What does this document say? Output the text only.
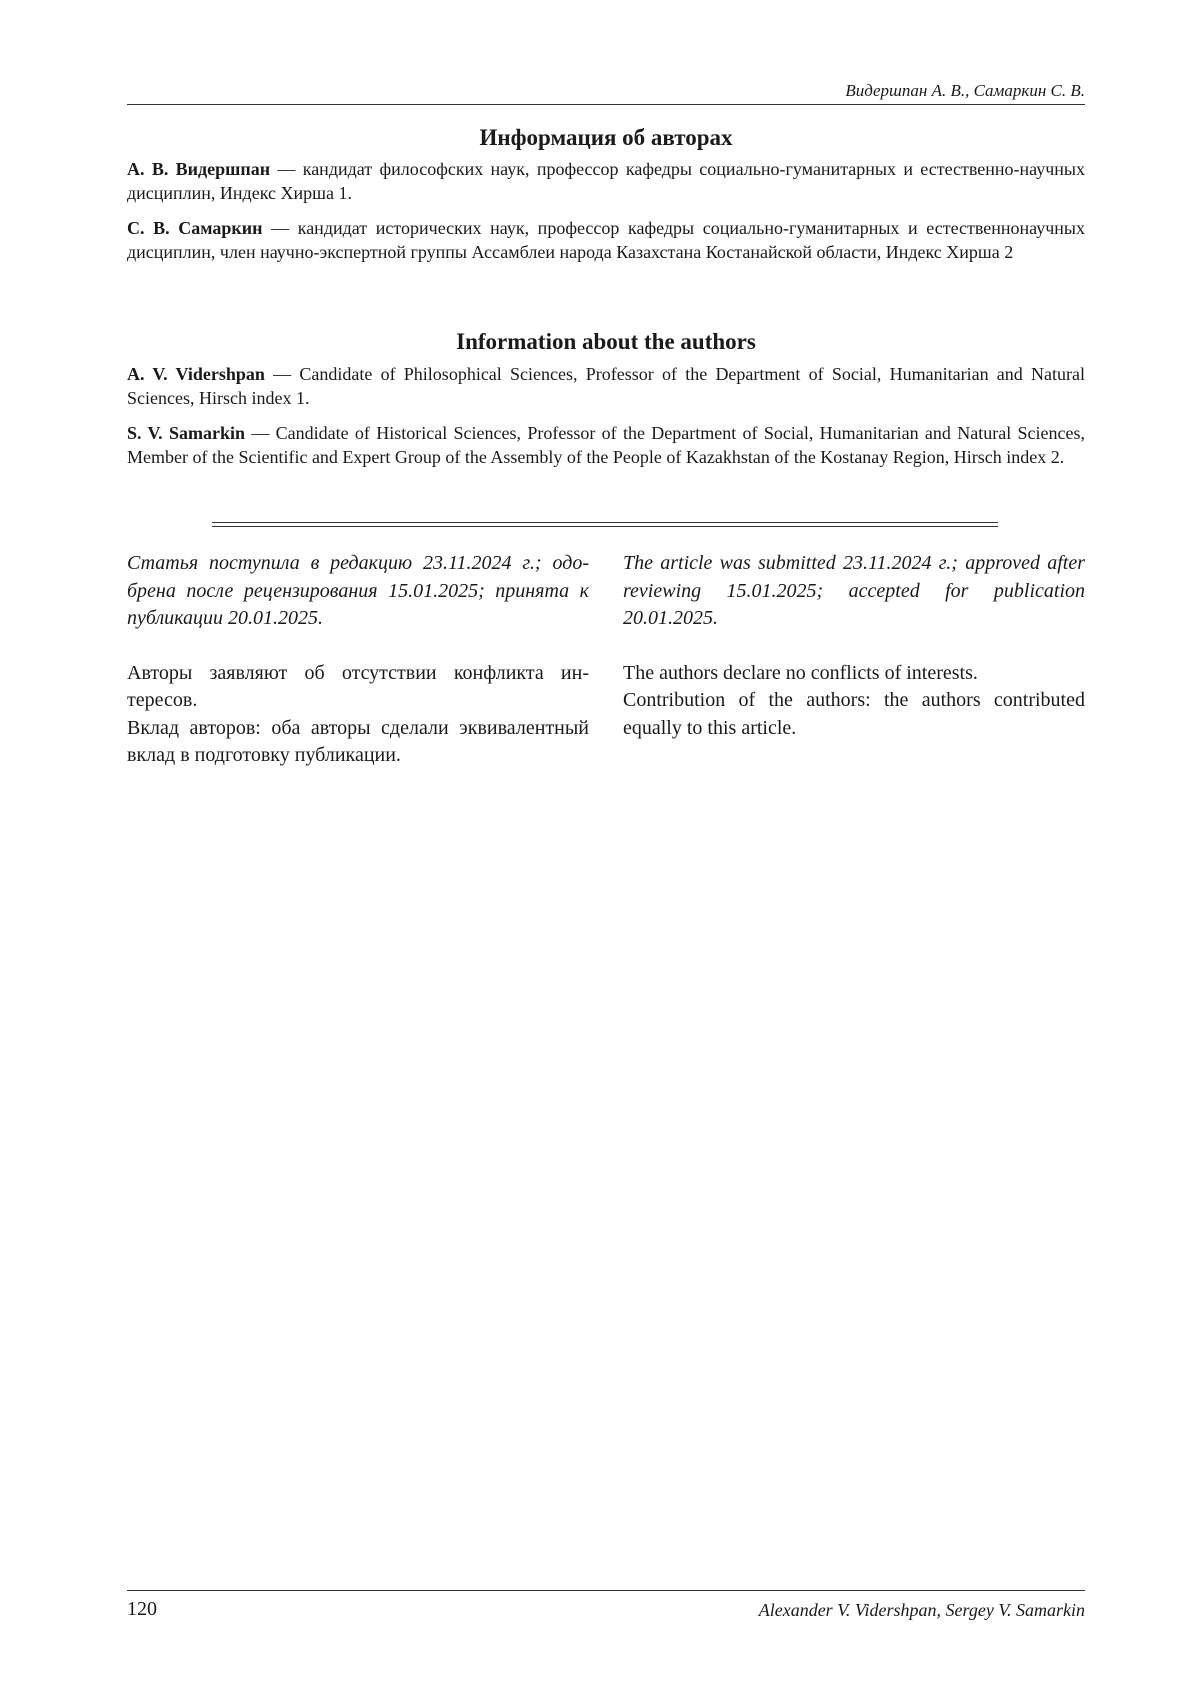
Видершпан А. В., Самаркин С. В.
Информация об авторах

А. В. Видершпан — кандидат философских наук, профессор кафедры социально-гуманитарных и естественно-научных дисциплин, Индекс Хирша 1.

С. В. Самаркин — кандидат исторических наук, профессор кафедры социально-гуманитарных и естественнонаучных дисциплин, член научно-экспертной группы Ассамблеи народа Казахстана Костанайской области, Индекс Хирша 2

Information about the authors

A. V. Vidershpan — Candidate of Philosophical Sciences, Professor of the Department of Social, Humanitarian and Natural Sciences, Hirsch index 1.

S. V. Samarkin — Candidate of Historical Sciences, Professor of the Department of Social, Humanitarian and Natural Sciences, Member of the Scientific and Expert Group of the Assembly of the People of Kazakhstan of the Kostanay Region, Hirsch index 2.

Статья поступила в редакцию 23.11.2024 г.; одобрена после рецензирования 15.01.2025; принята к публикации 20.01.2025.

Авторы заявляют об отсутствии конфликта интересов.

Вклад авторов: оба авторы сделали эквивалентный вклад в подготовку публикации.

The article was submitted 23.11.2024 г.; approved after reviewing 15.01.2025; accepted for publication 20.01.2025.

The authors declare no conflicts of interests.

Contribution of the authors: the authors contributed equally to this article.

120	Alexander V. Vidershpan, Sergey V. Samarkin
